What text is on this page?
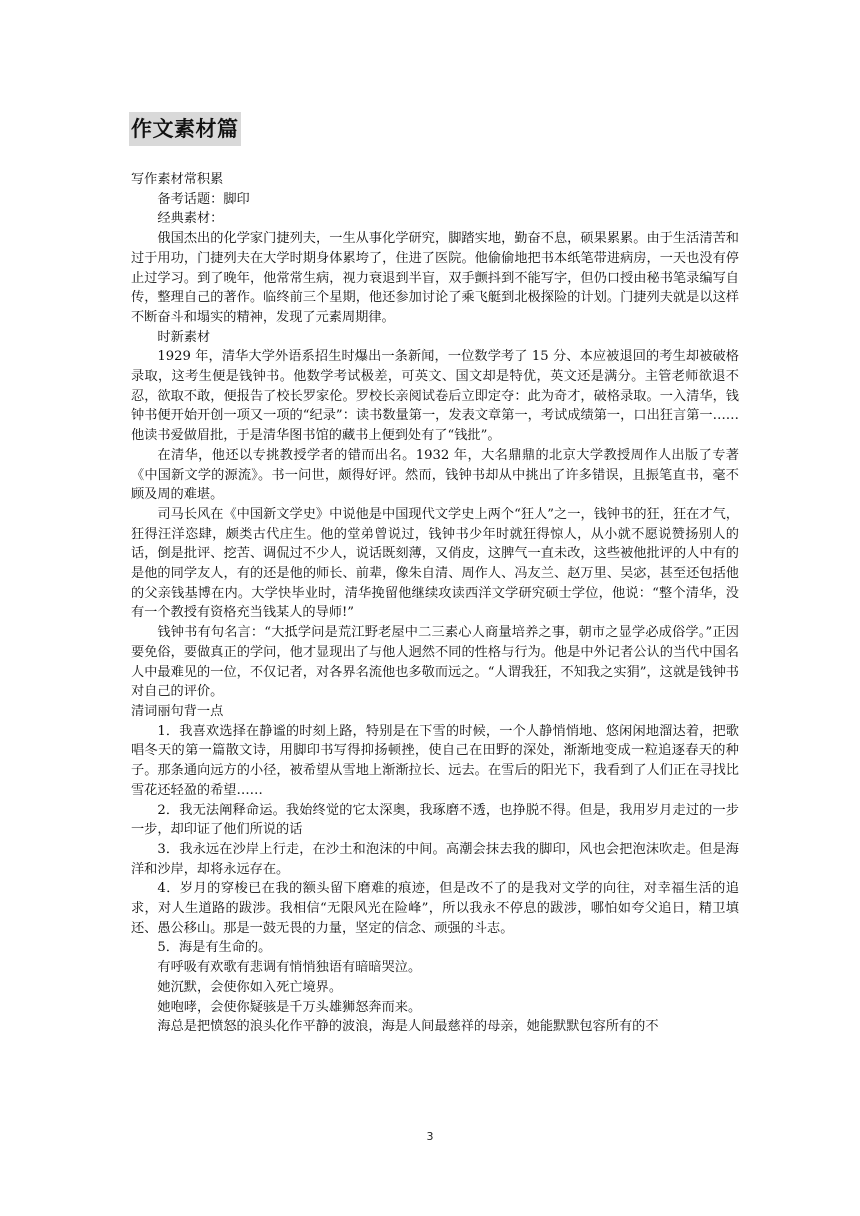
作文素材篇

写作素材常积累

备考话题：脚印

经典素材：

俄国杰出的化学家门捷列夫，一生从事化学研究，脚踏实地，勤奋不息，硕果累累。由于生活清苦和过于用功，门捷列夫在大学时期身体累垮了，住进了医院。他偷偷地把书本纸笔带进病房，一天也没有停止过学习。到了晚年，他常常生病，视力衰退到半盲，双手颤抖到不能写字，但仍口授由秘书笔录编写自传，整理自己的著作。临终前三个星期，他还参加讨论了乘飞艇到北极探险的计划。门捷列夫就是以这样不断奋斗和塌实的精神，发现了元素周期律。

时新素材

1929 年，清华大学外语系招生时爆出一条新闻，一位数学考了 15 分、本应被退回的考生却被破格录取，这考生便是钱钟书。他数学考试极差，可英文、国文却是特优，英文还是满分。主管老师欲退不忍，欲取不敢，便报告了校长罗家伦。罗校长亲阅试卷后立即定夺：此为奇才，破格录取。一入清华，钱钟书便开始开创一项又一项的“纪录”：读书数量第一，发表文章第一，考试成绩第一，口出狂言第一……他读书爱做眉批，于是清华图书馆的藏书上便到处有了“钱批”。

在清华，他还以专挑教授学者的错而出名。1932 年，大名鼎鼎的北京大学教授周作人出版了专著《中国新文学的源流》。书一问世，颇得好评。然而，钱钟书却从中挑出了许多错误，且振笔直书，毫不顾及周的难堪。

司马长风在《中国新文学史》中说他是中国现代文学史上两个“狂人”之一，钱钟书的狂，狂在才气，狂得汪洋恣肆，颇类古代庄生。他的堂弟曾说过，钱钟书少年时就狂得惊人，从小就不愿说赞扬别人的话，倒是批评、挖苦、调侃过不少人，说话既刻薄，又俏皮，这脾气一直未改，这些被他批评的人中有的是他的同学友人，有的还是他的师长、前辈，像朱自清、周作人、冯友兰、赵万里、吴宓，甚至还包括他的父亲钱基博在内。大学快毕业时，清华挽留他继续攻读西洋文学研究硕士学位，他说：“整个清华，没有一个教授有资格充当钱某人的导师!”

钱钟书有句名言：“大抵学问是荒江野老屋中二三素心人商量培养之事，朝市之显学必成俗学。”正因要免俗，要做真正的学问，他才显现出了与他人迥然不同的性格与行为。他是中外记者公认的当代中国名人中最难见的一位，不仅记者，对各界名流他也多敬而远之。“人谓我狂，不知我之实狷”，这就是钱钟书对自己的评价。

清词丽句背一点

1．我喜欢选择在静谧的时刻上路，特别是在下雪的时候，一个人静悄悄地、悠闲闲地溜达着，把歌唱冬天的第一篇散文诗，用脚印书写得抑扬顿挫，使自己在田野的深处，渐渐地变成一粒追逐春天的种子。那条通向远方的小径，被希望从雪地上渐渐拉长、远去。在雪后的阳光下，我看到了人们正在寻找比雪花还轻盈的希望……

2．我无法阐释命运。我始终觉的它太深奥，我琢磨不透，也挣脱不得。但是，我用岁月走过的一步一步，却印证了他们所说的话

3．我永远在沙岸上行走，在沙土和泡沫的中间。高潮会抹去我的脚印，风也会把泡沫吹走。但是海洋和沙岸，却将永远存在。

4．岁月的穿梭已在我的额头留下磨难的痕迹，但是改不了的是我对文学的向往，对幸福生活的追求，对人生道路的跋涉。我相信“无限风光在险峰”，所以我永不停息的跋涉，哪怕如夸父追日，精卫填还、愚公移山。那是一鼓无畏的力量，坚定的信念、顽强的斗志。

5．海是有生命的。

有呼吸有欢歌有悲调有悄悄独语有暗暗哭泣。

她沉默，会使你如入死亡境界。

她咆哮，会使你疑骇是千万头雄狮怒奔而来。

海总是把愤怒的浪头化作平静的波浪，海是人间最慈祥的母亲，她能默默包容所有的不

3
